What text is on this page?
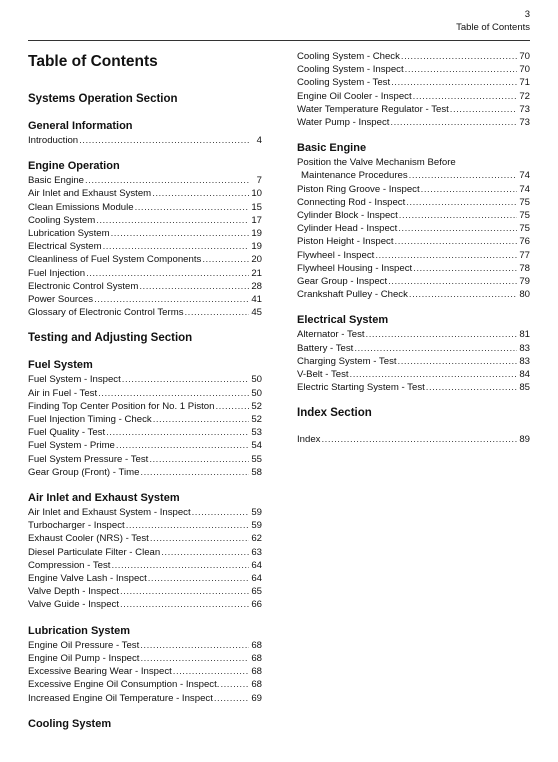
3
Table of Contents
Table of Contents
Systems Operation Section
General Information
Introduction .....	4
Engine Operation
Basic Engine .....	7
Air Inlet and Exhaust System .....	10
Clean Emissions Module .....	15
Cooling System .....	17
Lubrication System .....	19
Electrical System .....	19
Cleanliness of Fuel System Components .....	20
Fuel Injection .....	21
Electronic Control System .....	28
Power Sources .....	41
Glossary of Electronic Control Terms .....	45
Testing and Adjusting Section
Fuel System
Fuel System - Inspect .....	50
Air in Fuel - Test .....	50
Finding Top Center Position for No. 1 Piston .....	52
Fuel Injection Timing - Check .....	52
Fuel Quality - Test .....	53
Fuel System - Prime .....	54
Fuel System Pressure - Test .....	55
Gear Group (Front) - Time .....	58
Air Inlet and Exhaust System
Air Inlet and Exhaust System - Inspect .....	59
Turbocharger - Inspect .....	59
Exhaust Cooler (NRS) - Test .....	62
Diesel Particulate Filter - Clean .....	63
Compression - Test .....	64
Engine Valve Lash - Inspect .....	64
Valve Depth - Inspect .....	65
Valve Guide - Inspect .....	66
Lubrication System
Engine Oil Pressure - Test .....	68
Engine Oil Pump - Inspect .....	68
Excessive Bearing Wear - Inspect .....	68
Excessive Engine Oil Consumption - Inspect. .....	68
Increased Engine Oil Temperature - Inspect .....	69
Cooling System
Cooling System - Check .....	70
Cooling System - Inspect .....	70
Cooling System - Test .....	71
Engine Oil Cooler - Inspect .....	72
Water Temperature Regulator - Test .....	73
Water Pump - Inspect .....	73
Basic Engine
Position the Valve Mechanism Before
Maintenance Procedures .....	74
Piston Ring Groove - Inspect .....	74
Connecting Rod - Inspect .....	75
Cylinder Block - Inspect .....	75
Cylinder Head - Inspect .....	75
Piston Height - Inspect .....	76
Flywheel - Inspect .....	77
Flywheel Housing - Inspect .....	78
Gear Group - Inspect .....	79
Crankshaft Pulley - Check .....	80
Electrical System
Alternator - Test .....	81
Battery - Test .....	83
Charging System - Test .....	83
V-Belt - Test .....	84
Electric Starting System - Test .....	85
Index Section
Index .....	89
